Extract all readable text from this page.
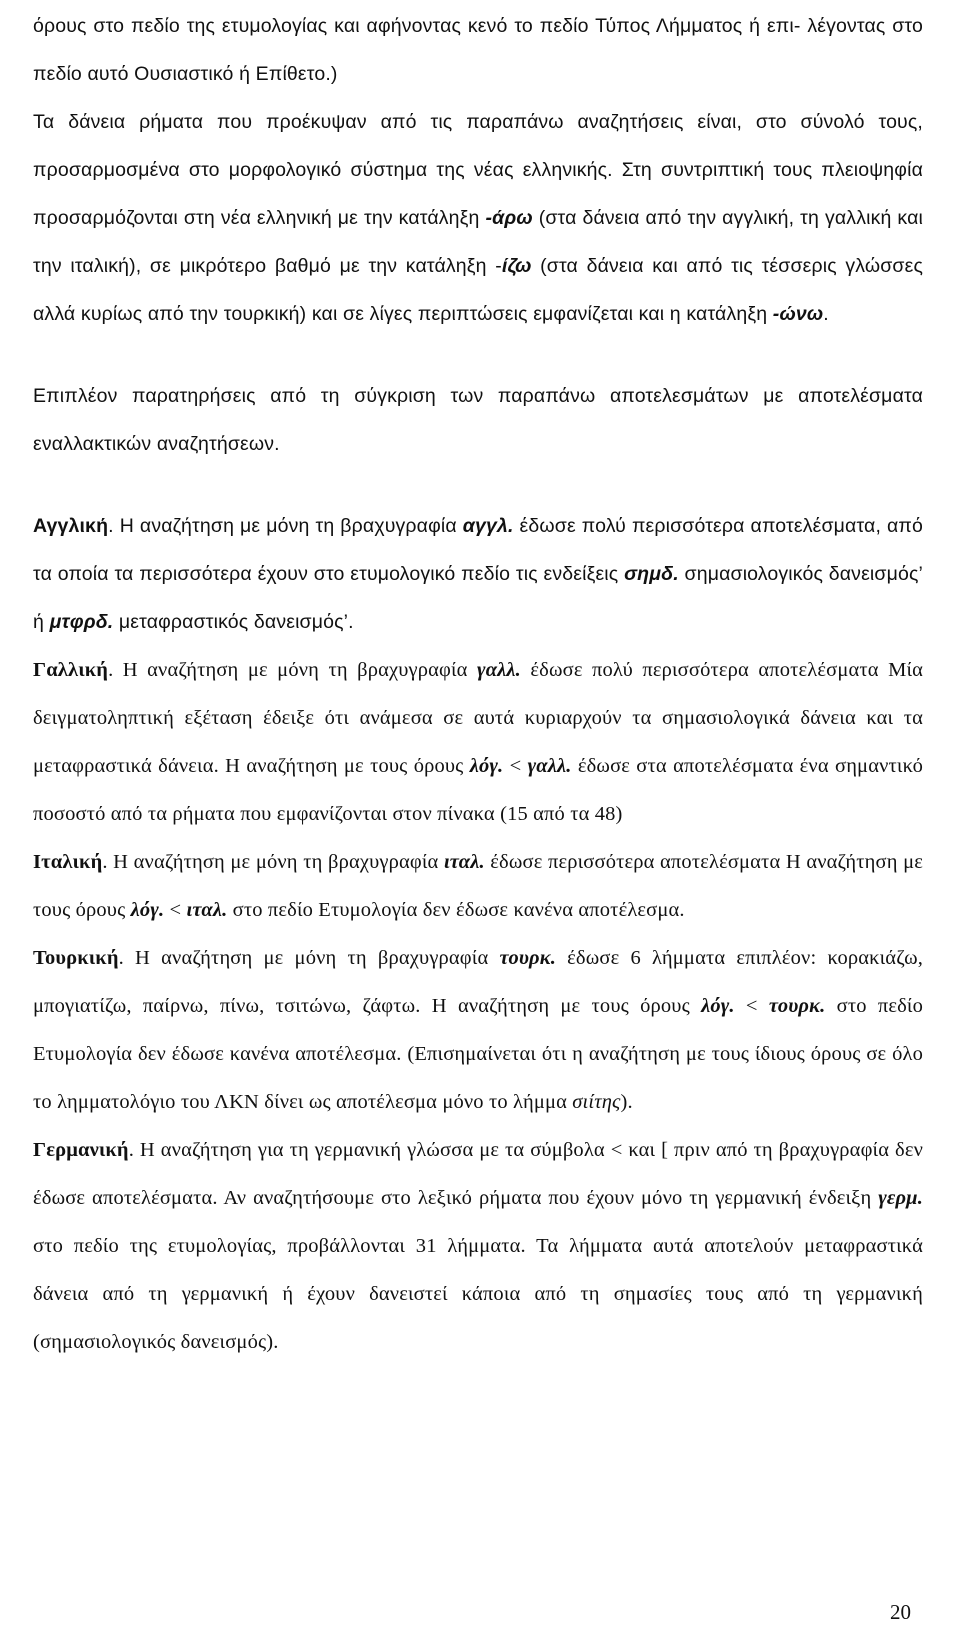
όρους στο πεδίο της ετυμολογίας και αφήνοντας κενό το πεδίο Τύπος Λήμματος ή επι- λέγοντας στο πεδίο αυτό Ουσιαστικό ή Επίθετο.)

Τα δάνεια ρήματα που προέκυψαν από τις παραπάνω αναζητήσεις είναι, στο σύνολό τους, προσαρμοσμένα στο μορφολογικό σύστημα της νέας ελληνικής. Στη συντριπτική τους πλειοψηφία προσαρμόζονται στη νέα ελληνική με την κατάληξη -άρω (στα δάνεια από την αγγλική, τη γαλλική και την ιταλική), σε μικρότερο βαθμό με την κατάληξη -ίζω (στα δάνεια και από τις τέσσερις γλώσσες αλλά κυρίως από την τουρκική) και σε λίγες περιπτώσεις εμφανίζεται και η κατάληξη -ώνω.

Επιπλέον παρατηρήσεις από τη σύγκριση των παραπάνω αποτελεσμάτων με αποτελέσματα εναλλακτικών αναζητήσεων.

Αγγλική. Η αναζήτηση με μόνη τη βραχυγραφία αγγλ. έδωσε πολύ περισσότερα αποτελέσματα, από τα οποία τα περισσότερα έχουν στο ετυμολογικό πεδίο τις ενδείξεις σημδ. σημασιολογικός δανεισμός’ ή μτφρδ. μεταφραστικός δανεισμός’.

Γαλλική. Η αναζήτηση με μόνη τη βραχυγραφία γαλλ. έδωσε πολύ περισσότερα αποτελέσματα Μία δειγματοληπτική εξέταση έδειξε ότι ανάμεσα σε αυτά κυριαρχούν τα σημασιολογικά δάνεια και τα μεταφραστικά δάνεια. Η αναζήτηση με τους όρους λόγ. < γαλλ. έδωσε στα αποτελέσματα ένα σημαντικό ποσοστό από τα ρήματα που εμφανίζονται στον πίνακα (15 από τα 48)

Ιταλική. Η αναζήτηση με μόνη τη βραχυγραφία ιταλ. έδωσε περισσότερα αποτελέσματα Η αναζήτηση με τους όρους λόγ. < ιταλ. στο πεδίο Ετυμολογία δεν έδωσε κανένα αποτέλεσμα.

Τουρκική. Η αναζήτηση με μόνη τη βραχυγραφία τουρκ. έδωσε 6 λήμματα επιπλέον: κορακιάζω, μπογιατίζω, παίρνω, πίνω, τσιτώνω, ζάφτω. Η αναζήτηση με τους όρους λόγ. < τουρκ. στο πεδίο Ετυμολογία δεν έδωσε κανένα αποτέλεσμα. (Επισημαίνεται ότι η αναζήτηση με τους ίδιους όρους σε όλο το λημματολόγιο του ΛΚΝ δίνει ως αποτέλεσμα μόνο το λήμμα σιίτης).

Γερμανική. Η αναζήτηση για τη γερμανική γλώσσα με τα σύμβολα < και [ πριν από τη βραχυγραφία δεν έδωσε αποτελέσματα. Αν αναζητήσουμε στο λεξικό ρήματα που έχουν μόνο τη γερμανική ένδειξη γερμ. στο πεδίο της ετυμολογίας, προβάλλονται 31 λήμματα. Τα λήμματα αυτά αποτελούν μεταφραστικά δάνεια από τη γερμανική ή έχουν δανειστεί κάποια από τη σημασίες τους από τη γερμανική (σημασιολογικός δανεισμός).

20
